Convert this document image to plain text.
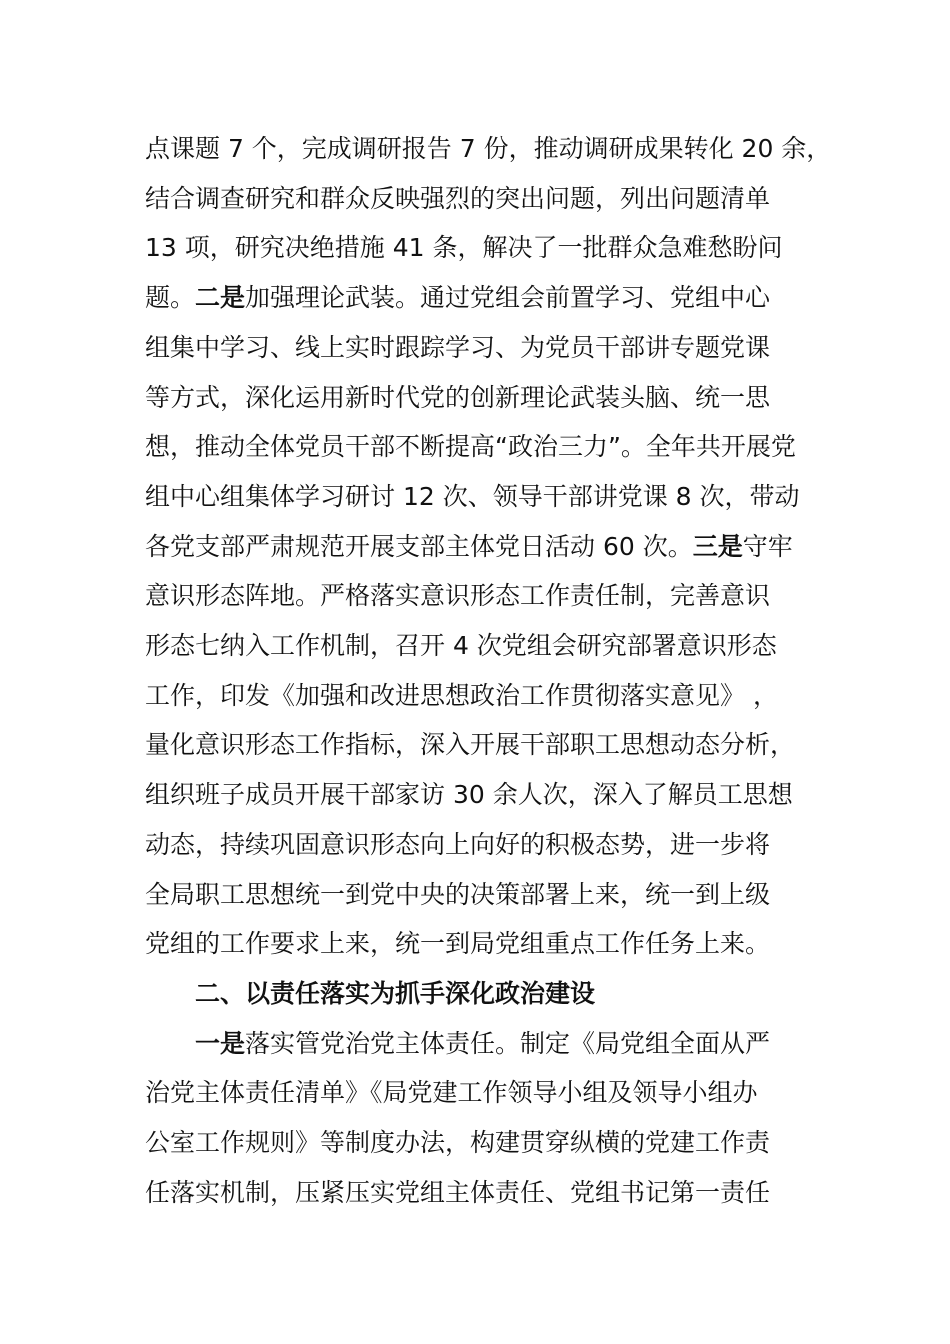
点课题 7 个，完成调研报告 7 份，推动调研成果转化 20 余，
结合调查研究和群众反映强烈的突出问题，列出问题清单
13 项，研究决绝措施 41 条，解决了一批群众急难愁盼问
题。二是加强理论武装。通过党组会前置学习、党组中心
组集中学习、线上实时跟踪学习、为党员干部讲专题党课
等方式，深化运用新时代党的创新理论武装头脑、统一思
想，推动全体党员干部不断提高“政治三力”。全年共开展党
组中心组集体学习研讨 12 次、领导干部讲党课 8 次，带动
各党支部严肃规范开展支部主体党日活动 60 次。三是守牢
意识形态阵地。严格落实意识形态工作责任制，完善意识
形态七纳入工作机制，召开 4 次党组会研究部署意识形态
工作，印发《加强和改进思想政治工作贯彻落实意见》 ，
量化意识形态工作指标，深入开展干部职工思想动态分析，
组织班子成员开展干部家访 30 余人次，深入了解员工思想
动态，持续巩固意识形态向上向好的积极态势，进一步将
全局职工思想统一到党中央的决策部署上来，统一到上级
党组的工作要求上来，统一到局党组重点工作任务上来。
二、以责任落实为抓手深化政治建设
一是落实管党治党主体责任。制定《局党组全面从严
治党主体责任清单》《局党建工作领导小组及领导小组办
公室工作规则》等制度办法，构建贯穿纵横的党建工作责
任落实机制，压紧压实党组主体责任、党组书记第一责任
